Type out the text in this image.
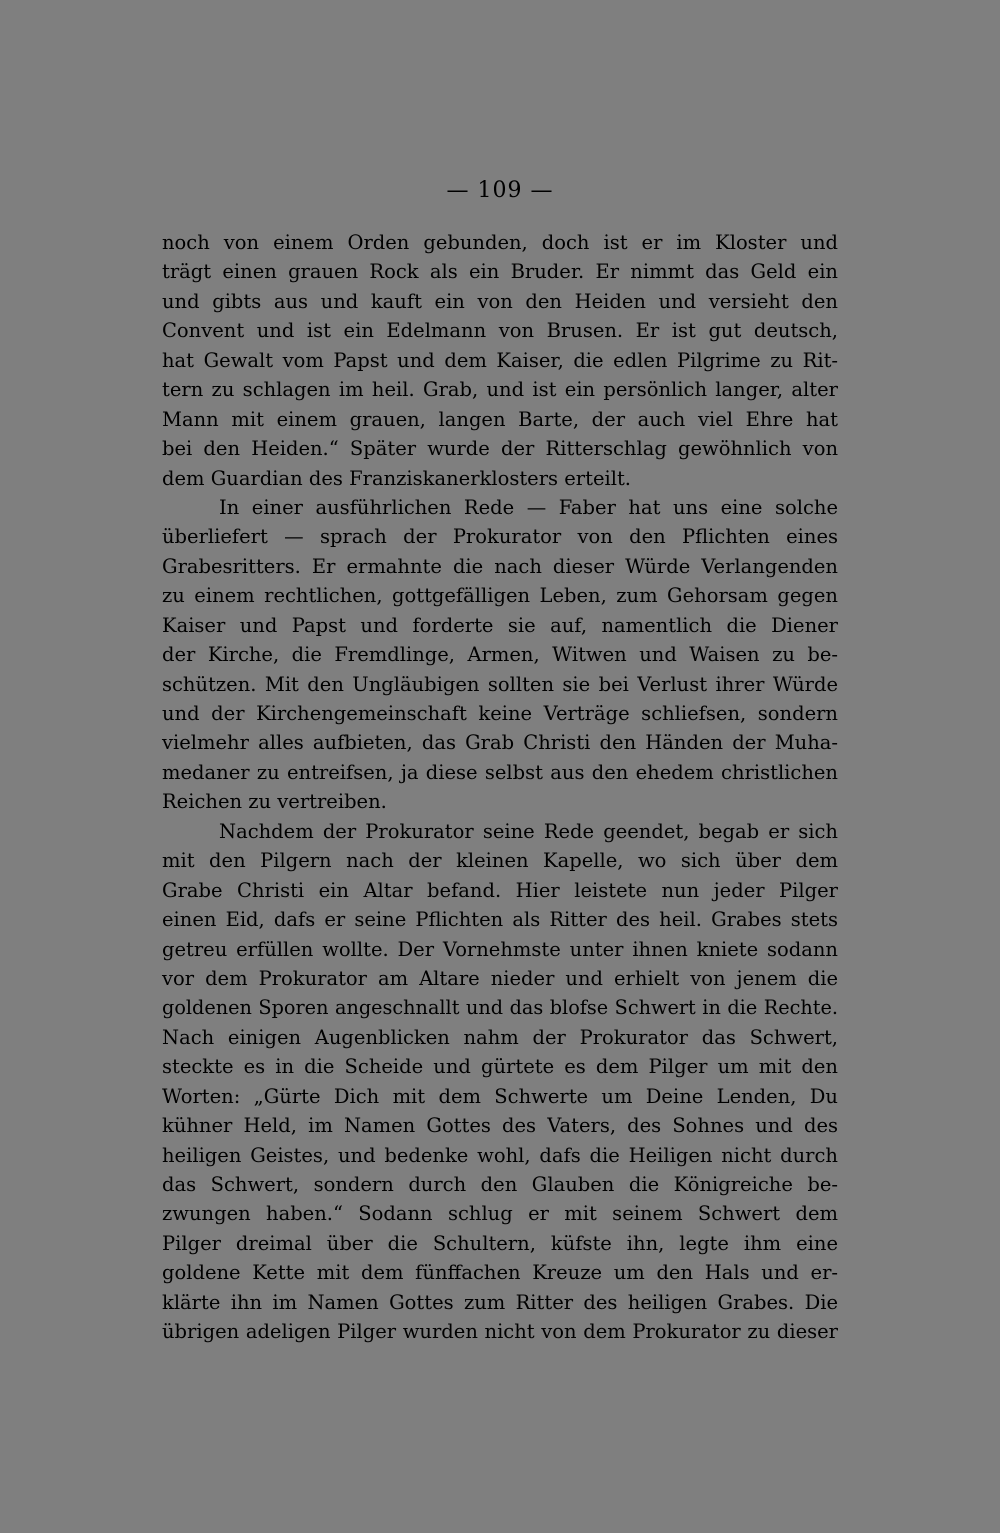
— 109 —
noch von einem Orden gebunden, doch ist er im Kloster und
trägt einen grauen Rock als ein Bruder. Er nimmt das Geld ein
und gibts aus und kauft ein von den Heiden und versieht den
Convent und ist ein Edelmann von Brusen. Er ist gut deutsch,
hat Gewalt vom Papst und dem Kaiser, die edlen Pilgrime zu Rit-
tern zu schlagen im heil. Grab, und ist ein persönlich langer, alter
Mann mit einem grauen, langen Barte, der auch viel Ehre hat
bei den Heiden.“ Später wurde der Ritterschlag gewöhnlich von
dem Guardian des Franziskanerklosters erteilt.
In einer ausführlichen Rede — Faber hat uns eine solche
überliefert — sprach der Prokurator von den Pflichten eines
Grabesritters. Er ermahnte die nach dieser Würde Verlangenden
zu einem rechtlichen, gottgefälligen Leben, zum Gehorsam gegen
Kaiser und Papst und forderte sie auf, namentlich die Diener
der Kirche, die Fremdlinge, Armen, Witwen und Waisen zu be-
schützen. Mit den Ungläubigen sollten sie bei Verlust ihrer Würde
und der Kirchengemeinschaft keine Verträge schliefsen, sondern
vielmehr alles aufbieten, das Grab Christi den Händen der Muha-
medaner zu entreifsen, ja diese selbst aus den ehedem christlichen
Reichen zu vertreiben.
Nachdem der Prokurator seine Rede geendet, begab er sich
mit den Pilgern nach der kleinen Kapelle, wo sich über dem
Grabe Christi ein Altar befand. Hier leistete nun jeder Pilger
einen Eid, dafs er seine Pflichten als Ritter des heil. Grabes stets
getreu erfüllen wollte. Der Vornehmste unter ihnen kniete sodann
vor dem Prokurator am Altare nieder und erhielt von jenem die
goldenen Sporen angeschnallt und das blofse Schwert in die Rechte.
Nach einigen Augenblicken nahm der Prokurator das Schwert,
steckte es in die Scheide und gürtete es dem Pilger um mit den
Worten: „Gürte Dich mit dem Schwerte um Deine Lenden, Du
kühner Held, im Namen Gottes des Vaters, des Sohnes und des
heiligen Geistes, und bedenke wohl, dafs die Heiligen nicht durch
das Schwert, sondern durch den Glauben die Königreiche be-
zwungen haben.“ Sodann schlug er mit seinem Schwert dem
Pilger dreimal über die Schultern, küfste ihn, legte ihm eine
goldene Kette mit dem fünffachen Kreuze um den Hals und er-
klärte ihn im Namen Gottes zum Ritter des heiligen Grabes. Die
übrigen adeligen Pilger wurden nicht von dem Prokurator zu dieser
